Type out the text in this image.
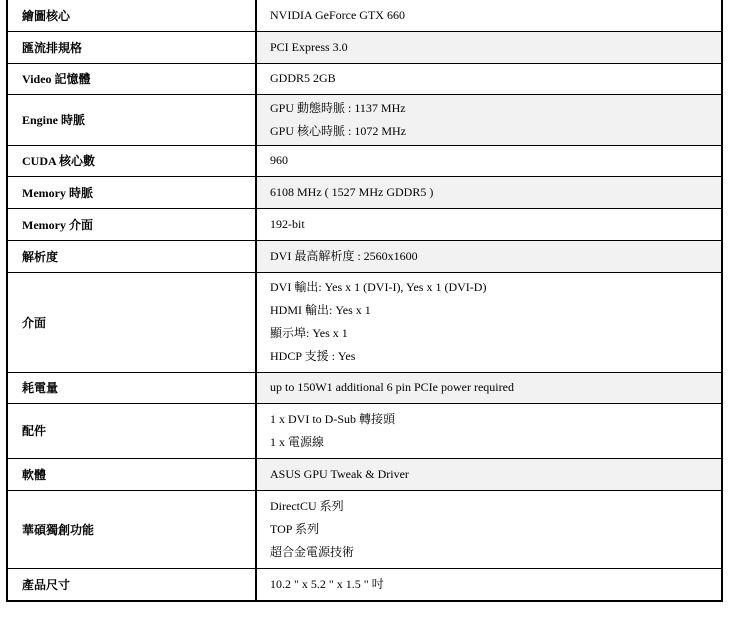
繪圖核心	NVIDIA GeForce GTX 660

匯流排規格	PCI Express 3.0

Video 記憶體	GDDR5 2GB

Engine 時脈	GPU 動態時脈 : 1137 MHz
GPU 核心時脈 : 1072 MHz

CUDA 核心數	960

Memory 時脈	6108 MHz ( 1527 MHz GDDR5 )

Memory 介面	192-bit

解析度	DVI 最高解析度 : 2560x1600

介面	DVI 輸出: Yes x 1 (DVI-I), Yes x 1 (DVI-D)
HDMI 輸出: Yes x 1
顯示埠: Yes x 1
HDCP 支援 : Yes

耗電量	up to 150W1 additional 6 pin PCIe power required

配件	1 x DVI to D-Sub 轉接頭
1 x 電源線

軟體	ASUS GPU Tweak & Driver

華碩獨創功能	DirectCU 系列
TOP 系列
超合金電源技術

產品尺寸	10.2 " x 5.2 " x 1.5 " 吋
